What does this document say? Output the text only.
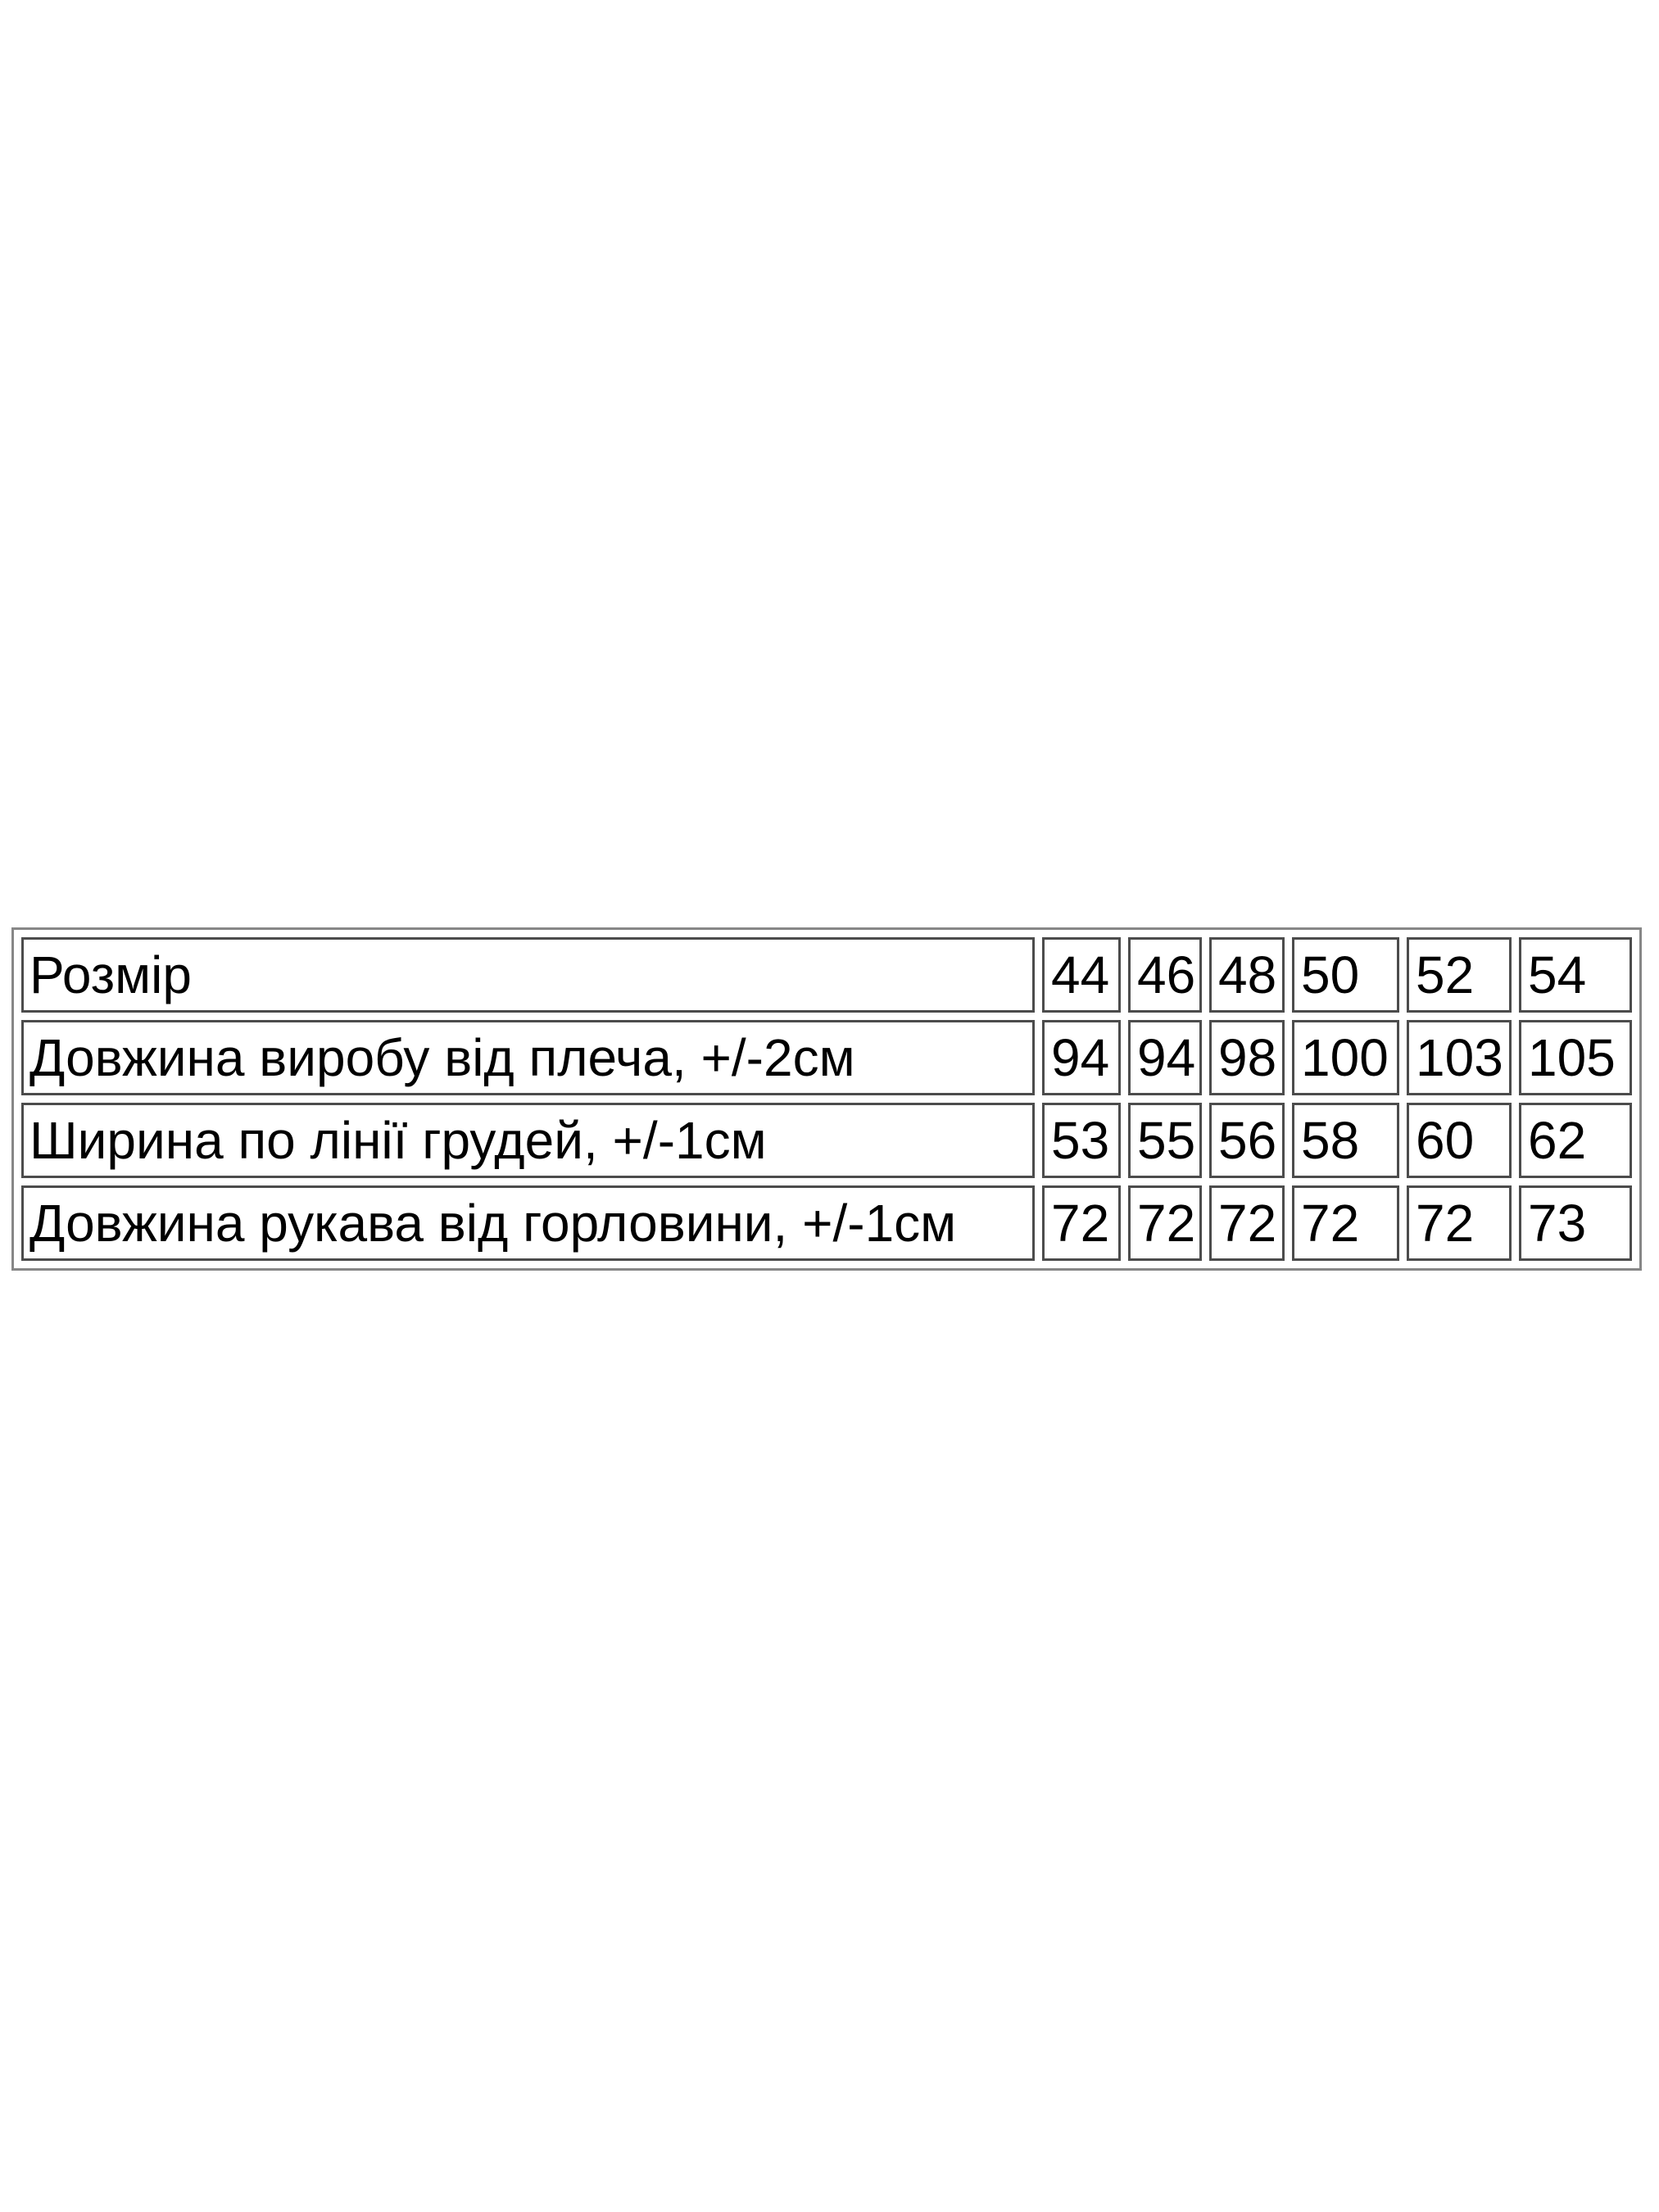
Розмір	44	46	48	50	52	54
Довжина виробу від плеча, +/-2см	94	94	98	100	103	105
Ширина по лінії грудей, +/-1см	53	55	56	58	60	62
Довжина рукава від горловини, +/-1см	72	72	72	72	72	73
